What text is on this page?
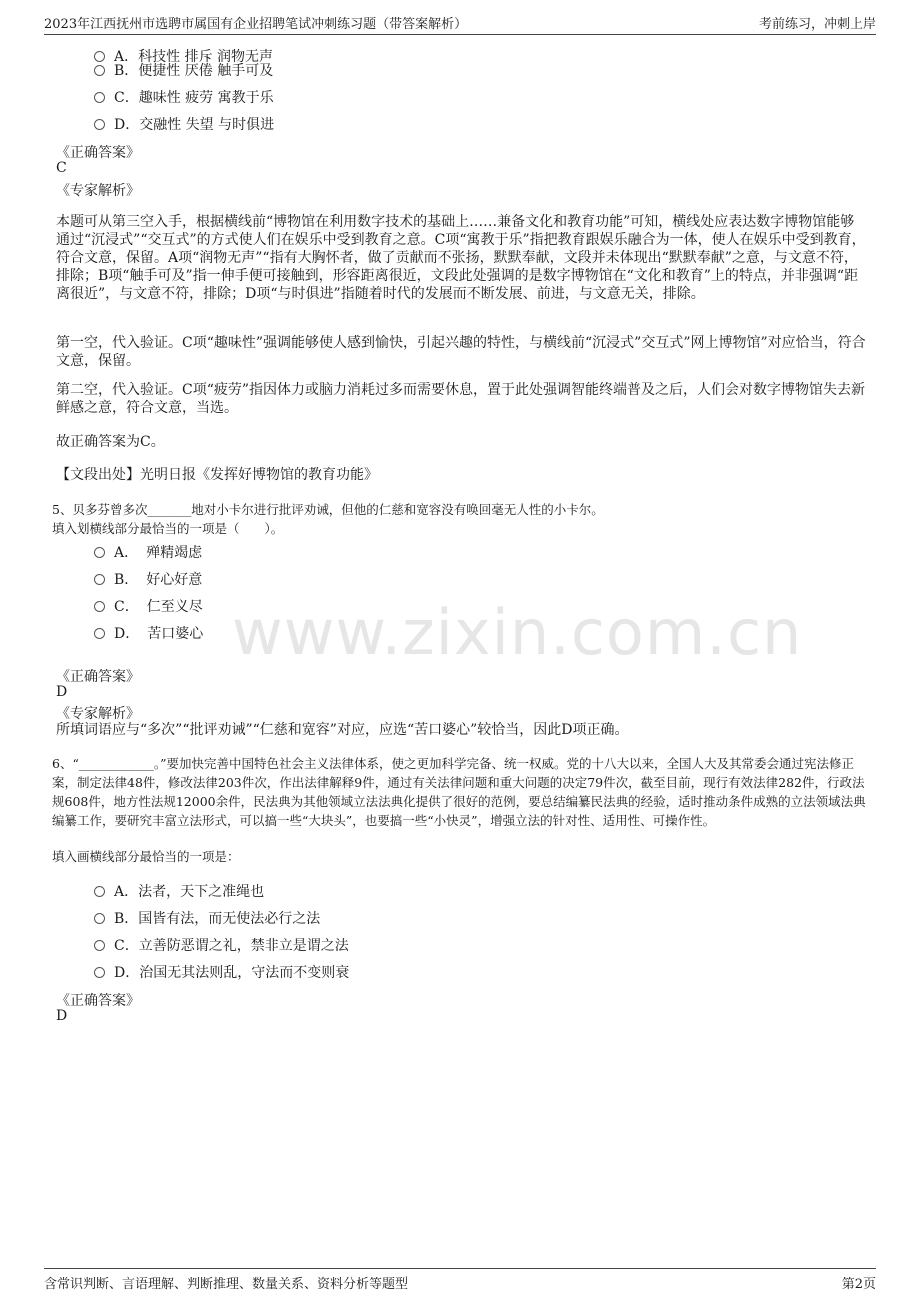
2023年江西抚州市选聘市属国有企业招聘笔试冲刺练习题（带答案解析）	考前练习，冲刺上岸
www.zixin.com.cn
A．科技性 排斥 润物无声
B．便捷性 厌倦 触手可及
C．趣味性 疲劳 寓教于乐
D．交融性 失望 与时俱进
《正确答案》
C
《专家解析》
本题可从第三空入手，根据横线前“博物馆在利用数字技术的基础上……兼备文化和教育功能”可知，横线处应表达数字博物馆能够通过“沉浸式”“交互式”的方式使人们在娱乐中受到教育之意。C项“寓教于乐”指把教育跟娱乐融合为一体，使人在娱乐中受到教育，符合文意，保留。A项“润物无声”“指有大胸怀者，做了贡献而不张扬，默默奉献，文段并未体现出“默默奉献”之意，与文意不符，排除；B项“触手可及”指一伸手便可接触到，形容距离很近，文段此处强调的是数字博物馆在“文化和教育”上的特点，并非强调“距离很近”，与文意不符，排除；D项“与时俱进”指随着时代的发展而不断发展、前进，与文意无关，排除。
第一空，代入验证。C项“趣味性”强调能够使人感到愉快，引起兴趣的特性，与横线前“沉浸式”交互式”网上博物馆”对应恰当，符合文意，保留。
第二空，代入验证。C项“疲劳”指因体力或脑力消耗过多而需要休息，置于此处强调智能终端普及之后，人们会对数字博物馆失去新鲜感之意，符合文意，当选。
故正确答案为C。
【文段出处】光明日报《发挥好博物馆的教育功能》
5、贝多芬曾多次_______地对小卡尔进行批评劝诫，但他的仁慈和宽容没有唤回毫无人性的小卡尔。
填入划横线部分最恰当的一项是（　　）。
A． 殚精竭虑
B． 好心好意
C． 仁至义尽
D． 苦口婆心
《正确答案》
D
《专家解析》
所填词语应与“多次”“批评劝诫”“仁慈和宽容”对应，应选“苦口婆心”较恰当，因此D项正确。
6、“____________。”要加快完善中国特色社会主义法律体系，使之更加科学完备、统一权威。党的十八大以来，全国人大及其常委会通过宪法修正案，制定法律48件，修改法律203件次，作出法律解释9件，通过有关法律问题和重大问题的决定79件次，截至目前，现行有效法律282件，行政法规608件，地方性法规12000余件，民法典为其他领域立法法典化提供了很好的范例，要总结编纂民法典的经验，适时推动条件成熟的立法领域法典编纂工作，要研究丰富立法形式，可以搞一些“大块头”，也要搞一些“小快灵”，增强立法的针对性、适用性、可操作性。
填入画横线部分最恰当的一项是：
A．法者，天下之准绳也
B．国皆有法，而无使法必行之法
C．立善防恶谓之礼，禁非立是谓之法
D．治国无其法则乱，守法而不变则衰
《正确答案》
D
含常识判断、言语理解、判断推理、数量关系、资料分析等题型	第2页
